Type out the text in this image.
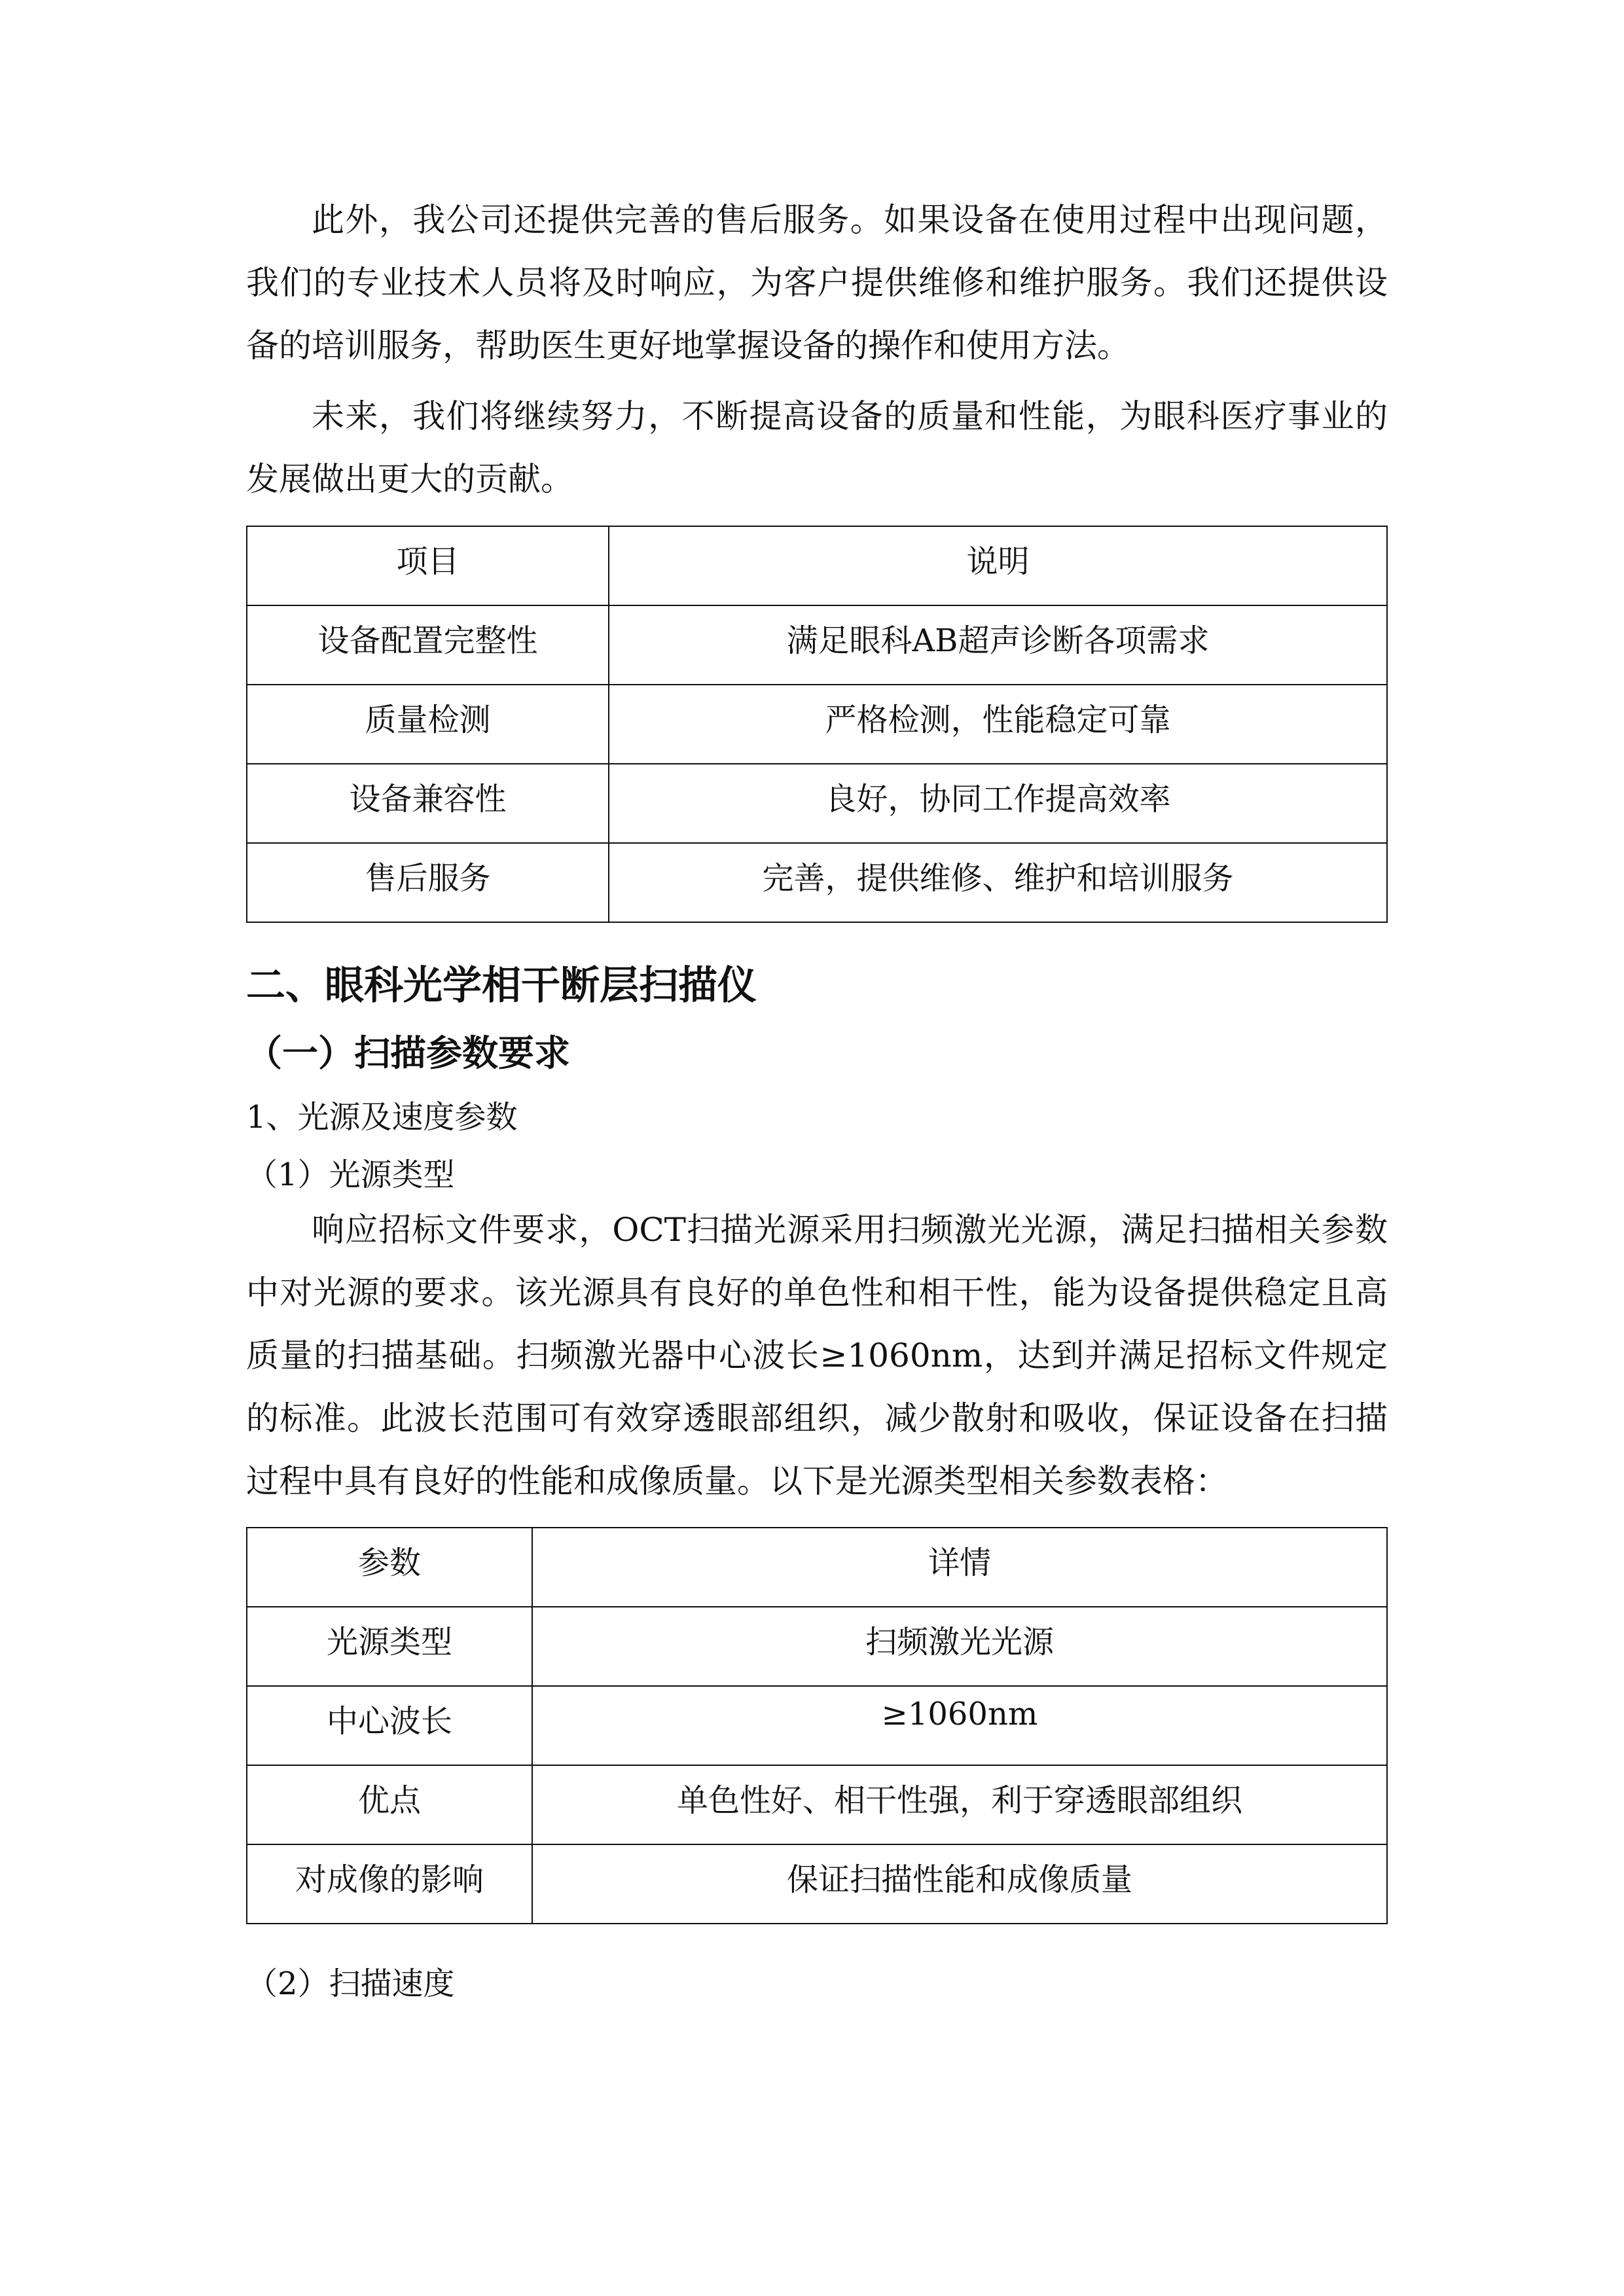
此外，我公司还提供完善的售后服务。如果设备在使用过程中出现问题，我们的专业技术人员将及时响应，为客户提供维修和维护服务。我们还提供设备的培训服务，帮助医生更好地掌握设备的操作和使用方法。

未来，我们将继续努力，不断提高设备的质量和性能，为眼科医疗事业的发展做出更大的贡献。

项目	说明
设备配置完整性	满足眼科AB超声诊断各项需求
质量检测	严格检测，性能稳定可靠
设备兼容性	良好，协同工作提高效率
售后服务	完善，提供维修、维护和培训服务
二、眼科光学相干断层扫描仪
（一）扫描参数要求
1、光源及速度参数
（1）光源类型

响应招标文件要求，OCT扫描光源采用扫频激光光源，满足扫描相关参数中对光源的要求。该光源具有良好的单色性和相干性，能为设备提供稳定且高质量的扫描基础。扫频激光器中心波长≥1060nm，达到并满足招标文件规定的标准。此波长范围可有效穿透眼部组织，减少散射和吸收，保证设备在扫描过程中具有良好的性能和成像质量。以下是光源类型相关参数表格：

参数	详情
光源类型	扫频激光光源
中心波长	≥1060nm
优点	单色性好、相干性强，利于穿透眼部组织
对成像的影响	保证扫描性能和成像质量
（2）扫描速度
